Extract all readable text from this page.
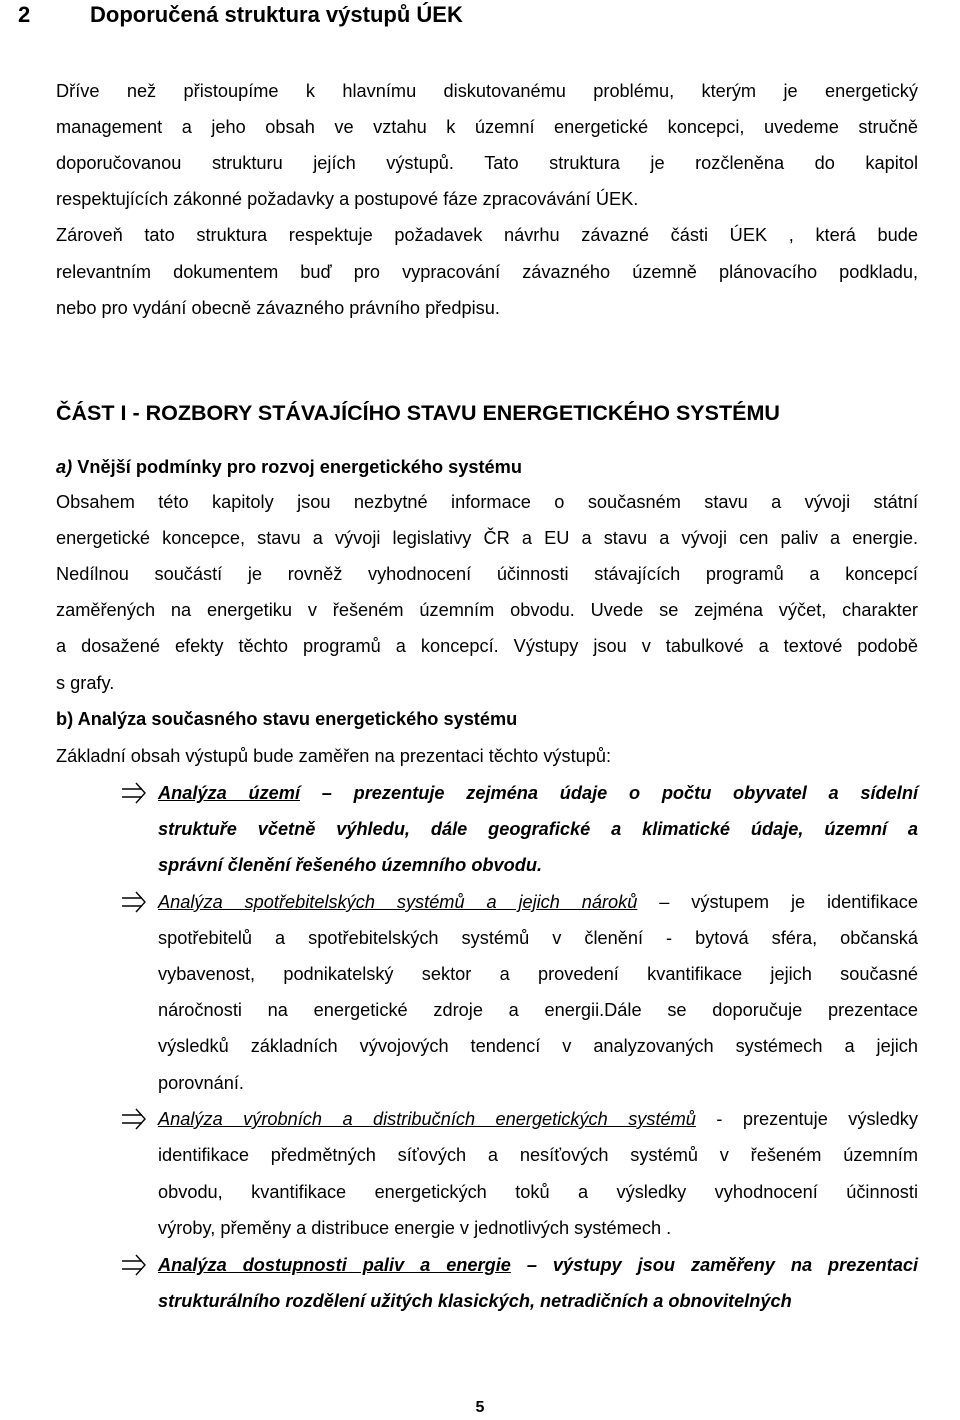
2	Doporučená struktura výstupů ÚEK
Dříve než přistoupíme k hlavnímu diskutovanému problému, kterým je energetický
management a jeho obsah ve vztahu k územní energetické koncepci, uvedeme stručně
doporučovanou strukturu jejích výstupů. Tato struktura je rozčleněna do kapitol
respektujících zákonné požadavky a postupové fáze zpracovávání ÚEK.
Zároveň tato struktura respektuje požadavek návrhu závazné části ÚEK , která bude
relevantním dokumentem buď pro vypracování závazného územně plánovacího podkladu,
nebo pro vydání obecně závazného právního předpisu.
ČÁST I - ROZBORY STÁVAJÍCÍHO STAVU ENERGETICKÉHO SYSTÉMU
a) Vnější podmínky pro rozvoj energetického systému
Obsahem této kapitoly jsou nezbytné informace o současném stavu a vývoji státní
energetické koncepce, stavu a vývoji legislativy ČR a EU a stavu a vývoji cen paliv a energie.
Nedílnou součástí je rovněž vyhodnocení účinnosti stávajících programů a koncepcí
zaměřených na energetiku v řešeném územním obvodu. Uvede se zejména výčet, charakter
a dosažené efekty těchto programů a koncepcí. Výstupy jsou v tabulkové a textové podobě
s grafy.
b) Analýza současného stavu energetického systému
Základní obsah výstupů bude zaměřen na prezentaci těchto výstupů:
Analýza území – prezentuje zejména údaje o počtu obyvatel a sídelní
struktuře včetně výhledu, dále geografické a klimatické údaje, územní a
správní členění řešeného územního obvodu.
Analýza spotřebitelských systémů a jejich nároků – výstupem je identifikace
spotřebitelů a spotřebitelských systémů v členění - bytová sféra, občanská
vybavenost, podnikatelský sektor a provedení kvantifikace jejich současné
náročnosti na energetické zdroje a energii.Dále se doporučuje prezentace
výsledků základních vývojových tendencí v analyzovaných systémech a jejich
porovnání.
Analýza výrobních a distribučních energetických systémů - prezentuje výsledky
identifikace předmětných síťových a nesíťových systémů v řešeném územním
obvodu, kvantifikace energetických toků a výsledky vyhodnocení účinnosti
výroby, přeměny a distribuce energie v jednotlivých systémech .
Analýza dostupnosti paliv a energie – výstupy jsou zaměřeny na prezentaci
strukturálního rozdělení užitých klasických, netradičních a obnovitelných
5
